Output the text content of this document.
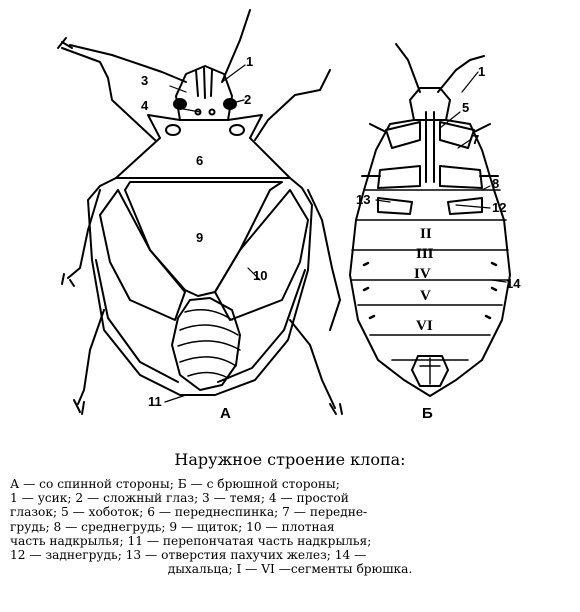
1
3
2
4
6
9
10
11
А
1
5
7
8
12
13
14
II
III
IV
V
VI
Б
Наружное строение клопа:
А — со спинной стороны; Б — с брюшной стороны;
1 — усик; 2 — сложный глаз; 3 — темя; 4 — простой
глазок; 5 — хоботок; 6 — переднеспинка; 7 — передне-
грудь; 8 — среднегрудь; 9 — щиток; 10 — плотная
часть надкрылья; 11 — перепончатая часть надкрылья;
12 — заднегрудь; 13 — отверстия пахучих желез; 14 —

дыхальца; I — VI —сегменты брюшка.
